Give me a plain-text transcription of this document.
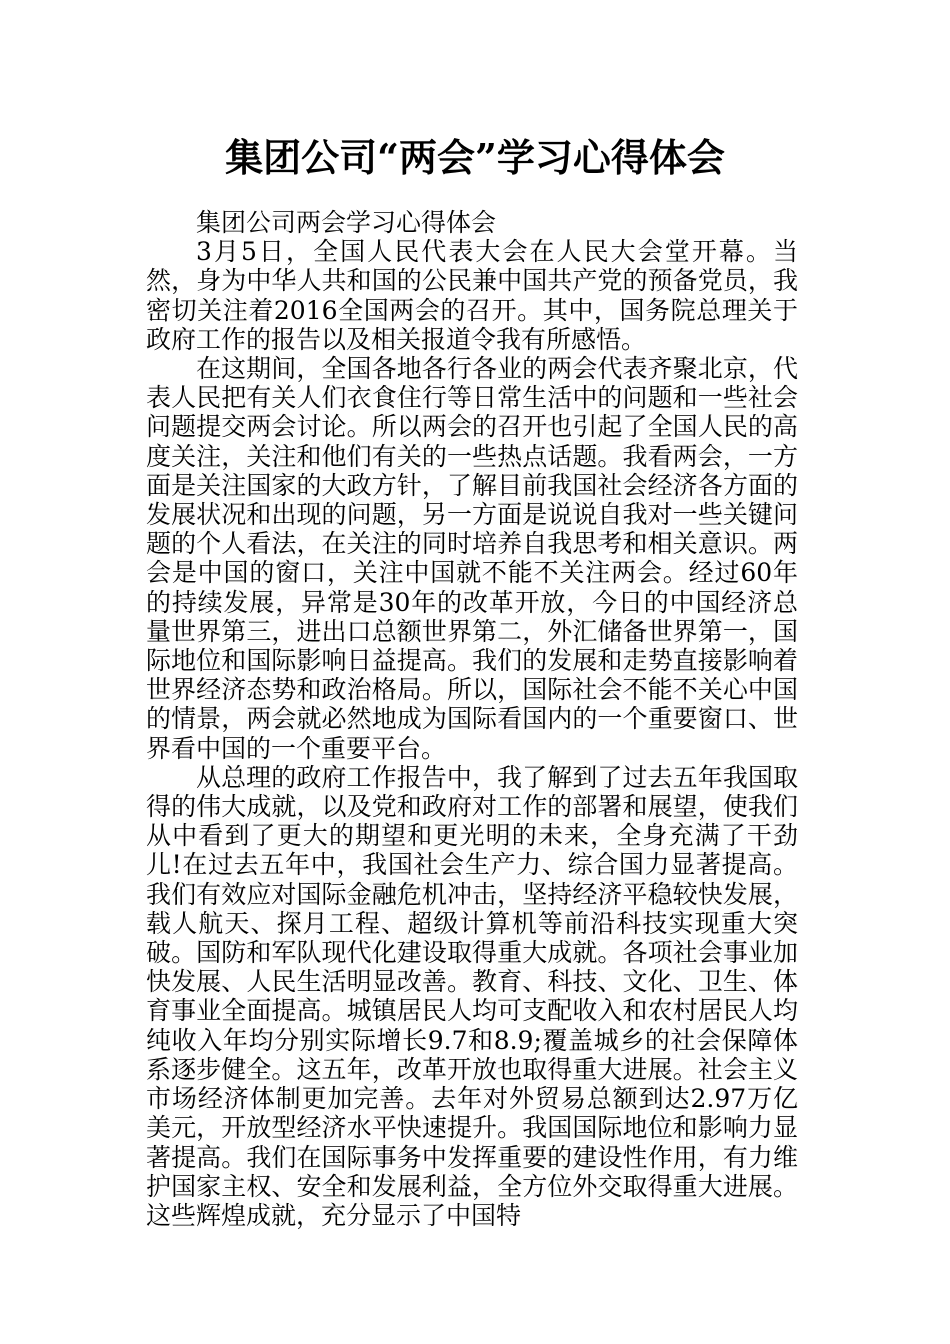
集团公司“两会”学习心得体会

集团公司两会学习心得体会

3月5日，全国人民代表大会在人民大会堂开幕。当然，身为中华人共和国的公民兼中国共产党的预备党员，我密切关注着2016全国两会的召开。其中，国务院总理关于政府工作的报告以及相关报道令我有所感悟。

在这期间，全国各地各行各业的两会代表齐聚北京，代表人民把有关人们衣食住行等日常生活中的问题和一些社会问题提交两会讨论。所以两会的召开也引起了全国人民的高度关注，关注和他们有关的一些热点话题。我看两会，一方面是关注国家的大政方针，了解目前我国社会经济各方面的发展状况和出现的问题，另一方面是说说自我对一些关键问题的个人看法，在关注的同时培养自我思考和相关意识。两会是中国的窗口，关注中国就不能不关注两会。经过60年的持续发展，异常是30年的改革开放，今日的中国经济总量世界第三，进出口总额世界第二，外汇储备世界第一，国际地位和国际影响日益提高。我们的发展和走势直接影响着世界经济态势和政治格局。所以，国际社会不能不关心中国的情景，两会就必然地成为国际看国内的一个重要窗口、世界看中国的一个重要平台。

从总理的政府工作报告中，我了解到了过去五年我国取得的伟大成就，以及党和政府对工作的部署和展望，使我们从中看到了更大的期望和更光明的未来，全身充满了干劲儿!在过去五年中，我国社会生产力、综合国力显著提高。我们有效应对国际金融危机冲击，坚持经济平稳较快发展，载人航天、探月工程、超级计算机等前沿科技实现重大突破。国防和军队现代化建设取得重大成就。各项社会事业加快发展、人民生活明显改善。教育、科技、文化、卫生、体育事业全面提高。城镇居民人均可支配收入和农村居民人均纯收入年均分别实际增长9.7和8.9;覆盖城乡的社会保障体系逐步健全。这五年，改革开放也取得重大进展。社会主义市场经济体制更加完善。去年对外贸易总额到达2.97万亿美元，开放型经济水平快速提升。我国国际地位和影响力显著提高。我们在国际事务中发挥重要的建设性作用，有力维护国家主权、安全和发展利益，全方位外交取得重大进展。这些辉煌成就，充分显示了中国特
